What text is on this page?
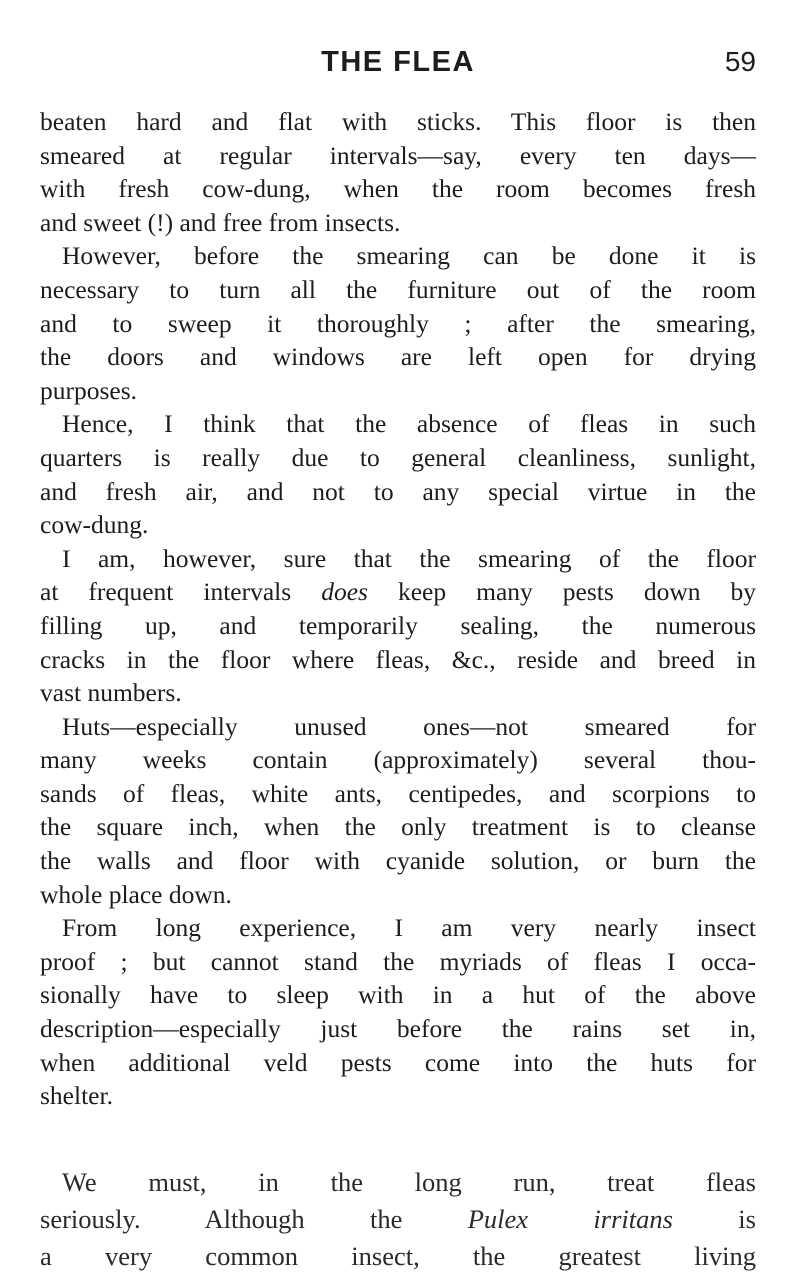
THE FLEA	59
beaten hard and flat with sticks. This floor is then
smeared at regular intervals—say, every ten days—
with fresh cow-dung, when the room becomes fresh
and sweet (!) and free from insects.
However, before the smearing can be done it is
necessary to turn all the furniture out of the room
and to sweep it thoroughly ; after the smearing,
the doors and windows are left open for drying
purposes.
Hence, I think that the absence of fleas in such
quarters is really due to general cleanliness, sunlight,
and fresh air, and not to any special virtue in the
cow-dung.
I am, however, sure that the smearing of the floor
at frequent intervals does keep many pests down by
filling up, and temporarily sealing, the numerous
cracks in the floor where fleas, &c., reside and breed in
vast numbers.
Huts—especially unused ones—not smeared for
many weeks contain (approximately) several thou-
sands of fleas, white ants, centipedes, and scorpions to
the square inch, when the only treatment is to cleanse
the walls and floor with cyanide solution, or burn the
whole place down.
From long experience, I am very nearly insect
proof ; but cannot stand the myriads of fleas I occa-
sionally have to sleep with in a hut of the above
description—especially just before the rains set in,
when additional veld pests come into the huts for
shelter.
We must, in the long run, treat fleas
seriously. Although the Pulex irritans is
a very common insect, the greatest living
